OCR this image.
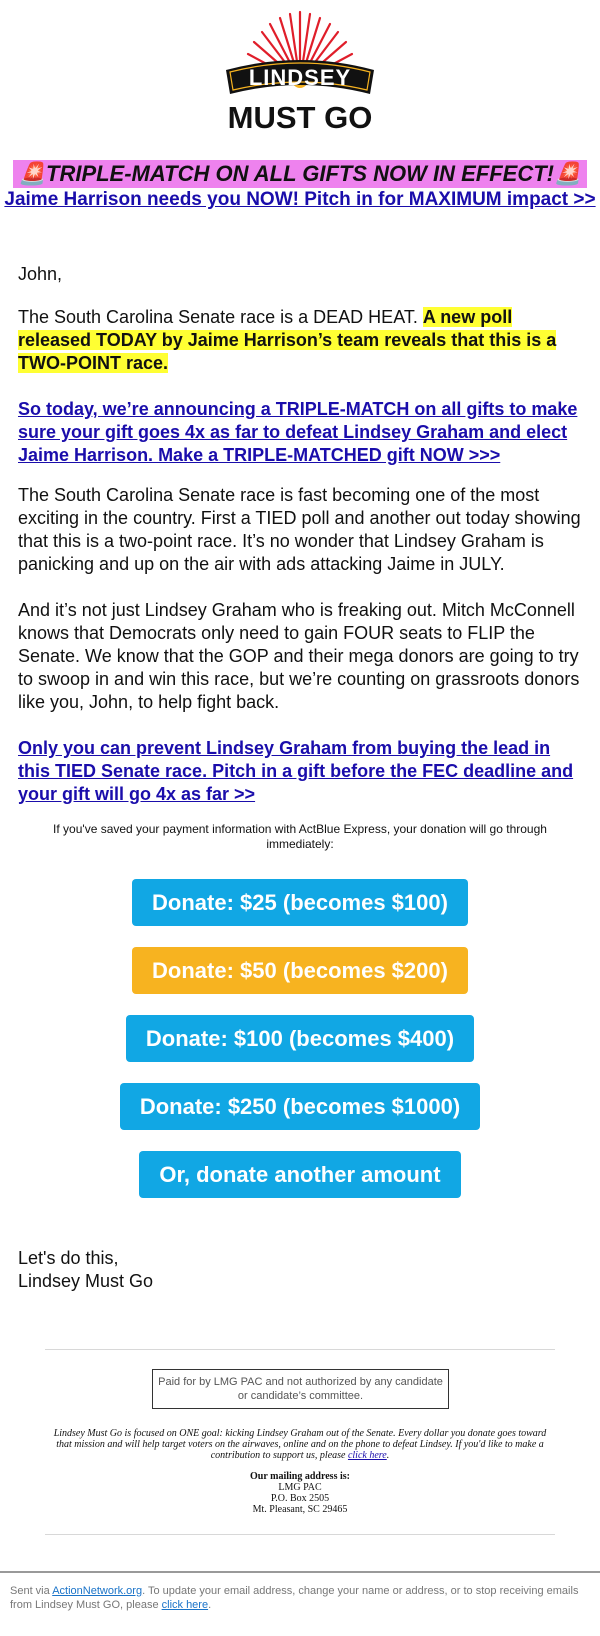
LINDSEY
MUST GO
🚨TRIPLE-MATCH ON ALL GIFTS NOW IN EFFECT!🚨
Jaime Harrison needs you NOW! Pitch in for MAXIMUM impact >>
John,
The South Carolina Senate race is a DEAD HEAT. A new poll released TODAY by Jaime Harrison’s team reveals that this is a TWO-POINT race.
So today, we’re announcing a TRIPLE-MATCH on all gifts to make sure your gift goes 4x as far to defeat Lindsey Graham and elect Jaime Harrison. Make a TRIPLE-MATCHED gift NOW >>>
The South Carolina Senate race is fast becoming one of the most exciting in the country. First a TIED poll and another out today showing that this is a two-point race. It’s no wonder that Lindsey Graham is panicking and up on the air with ads attacking Jaime in JULY.
And it’s not just Lindsey Graham who is freaking out. Mitch McConnell knows that Democrats only need to gain FOUR seats to FLIP the Senate. We know that the GOP and their mega donors are going to try to swoop in and win this race, but we’re counting on grassroots donors like you, John, to help fight back.
Only you can prevent Lindsey Graham from buying the lead in this TIED Senate race. Pitch in a gift before the FEC deadline and your gift will go 4x as far >>
If you've saved your payment information with ActBlue Express, your donation will go through immediately:
Donate: $25 (becomes $100)
Donate: $50 (becomes $200)
Donate: $100 (becomes $400)
Donate: $250 (becomes $1000)
Or, donate another amount
Let's do this,
Lindsey Must Go
Paid for by LMG PAC and not authorized by any candidate or candidate’s committee.
Lindsey Must Go is focused on ONE goal: kicking Lindsey Graham out of the Senate. Every dollar you donate goes toward that mission and will help target voters on the airwaves, online and on the phone to defeat Lindsey. If you'd like to make a contribution to support us, please click here.
Our mailing address is:
LMG PAC
P.O. Box 2505
Mt. Pleasant, SC 29465
Sent via ActionNetwork.org. To update your email address, change your name or address, or to stop receiving emails from Lindsey Must GO, please click here.
